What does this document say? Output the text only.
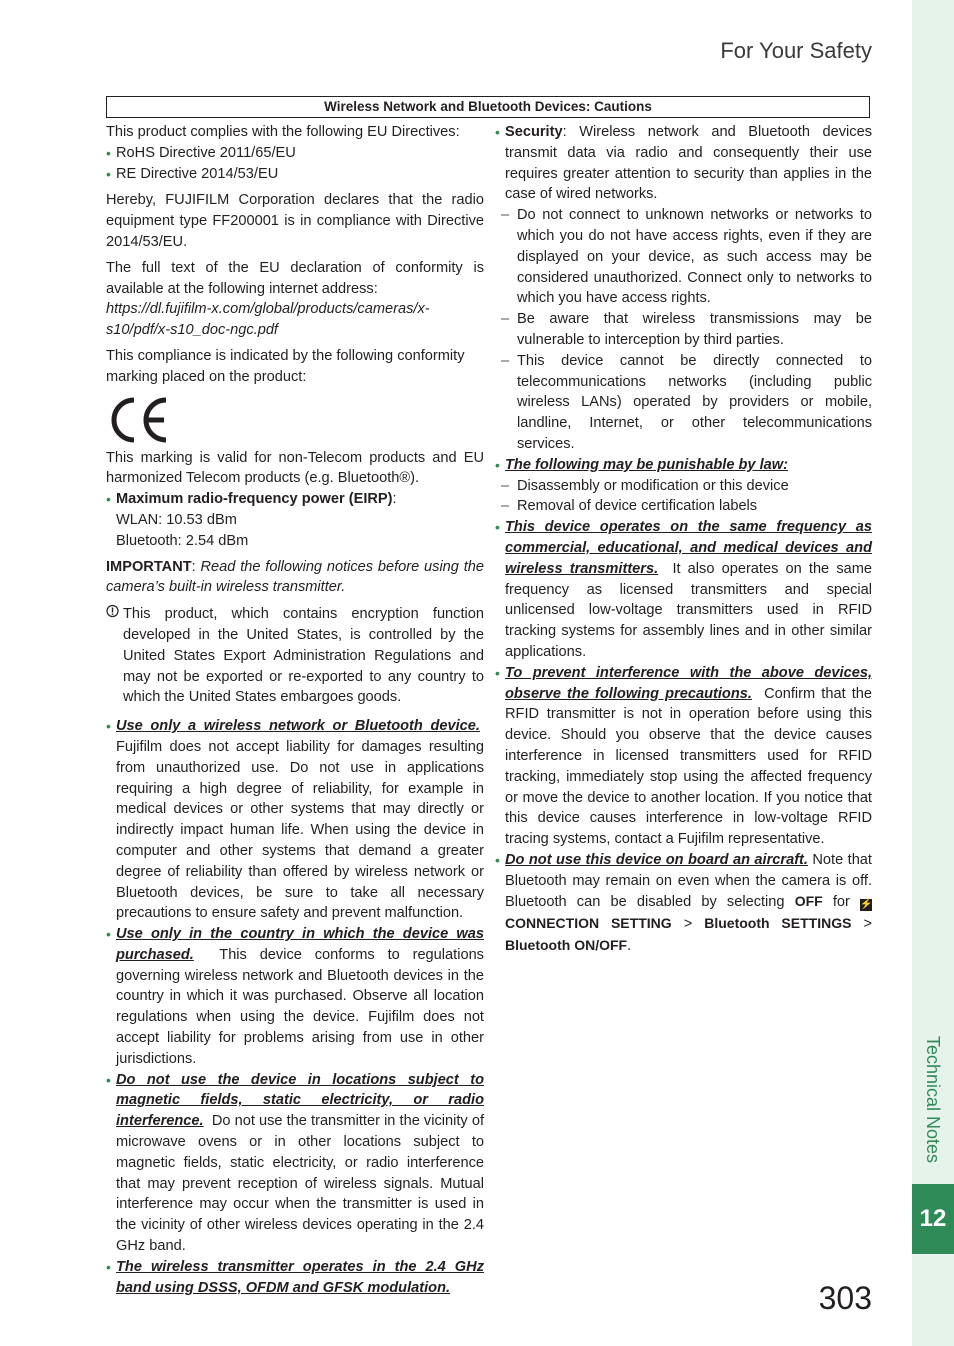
For Your Safety
Technical Notes
12
Wireless Network and Bluetooth Devices: Cautions

This product complies with the following EU Directives:

• RoHS Directive 2011/65/EU
• RE Directive 2014/53/EU

Hereby, FUJIFILM Corporation declares that the radio equipment type FF200001 is in compliance with Directive 2014/53/EU.

The full text of the EU declaration of conformity is available at the following internet address:

https://dl.fujifilm-x.com/global/products/cameras/x-s10/pdf/x-s10_doc-ngc.pdf

This compliance is indicated by the following conformity marking placed on the product:

This marking is valid for non-Telecom products and EU harmonized Telecom products (e.g. Bluetooth®).

• Maximum radio-frequency power (EIRP):
WLAN: 10.53 dBm
Bluetooth: 2.54 dBm

IMPORTANT: Read the following notices before using the camera’s built-in wireless transmitter.

This product, which contains encryption function developed in the United States, is controlled by the United States Export Administration Regulations and may not be exported or re-exported to any country to which the United States embargoes goods.
• Use only a wireless network or Bluetooth device.  Fujifilm does not accept liability for damages resulting from unauthorized use. Do not use in applications requiring a high degree of reliability, for example in medical devices or other systems that may directly or indirectly impact human life. When using the device in computer and other systems that demand a greater degree of reliability than offered by wireless network or Bluetooth devices, be sure to take all necessary precautions to ensure safety and prevent malfunction.
• Use only in the country in which the device was purchased. This device conforms to regulations governing wireless network and Bluetooth devices in the country in which it was purchased. Observe all location regulations when using the device. Fujifilm does not accept liability for problems arising from use in other jurisdictions.
• Do not use the device in locations subject to magnetic fields, static electricity, or radio interference. Do not use the transmitter in the vicinity of microwave ovens or in other locations subject to magnetic fields, static electricity, or radio interference that may prevent reception of wireless signals. Mutual interference may occur when the transmitter is used in the vicinity of other wireless devices operating in the 2.4 GHz band.
• The wireless transmitter operates in the 2.4 GHz band using DSSS, OFDM and GFSK modulation.
• Security: Wireless network and Bluetooth devices transmit data via radio and consequently their use requires greater attention to security than applies in the case of wired networks.
– Do not connect to unknown networks or networks to which you do not have access rights, even if they are displayed on your device, as such access may be considered unauthorized. Connect only to networks to which you have access rights.
– Be aware that wireless transmissions may be vulnerable to interception by third parties.
– This device cannot be directly connected to telecommunications networks (including public wireless LANs) operated by providers or mobile, landline, Internet, or other telecommunications services.
• The following may be punishable by law:
– Disassembly or modification or this device
– Removal of device certification labels
• This device operates on the same frequency as commercial, educational, and medical devices and wireless transmitters. It also operates on the same frequency as licensed transmitters and special unlicensed low-voltage transmitters used in RFID tracking systems for assembly lines and in other similar applications.
• To prevent interference with the above devices, observe the following precautions. Confirm that the RFID transmitter is not in operation before using this device. Should you observe that the device causes interference in licensed transmitters used for RFID tracking, immediately stop using the affected frequency or move the device to another location. If you notice that this device causes interference in low-voltage RFID tracing systems, contact a Fujifilm representative.
• Do not use this device on board an aircraft. Note that Bluetooth may remain on even when the camera is off. Bluetooth can be disabled by selecting OFF for ⚡ CONNECTION SETTING > Bluetooth SETTINGS > Bluetooth ON/OFF.
303
